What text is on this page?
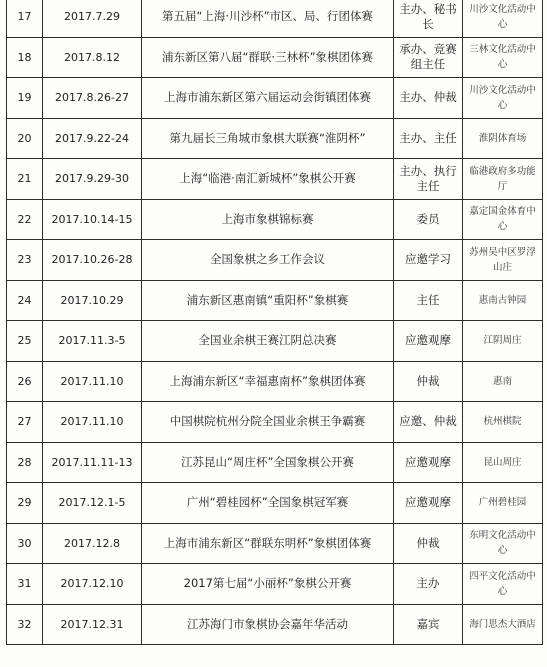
17	2017.7.29	第五届“上海·川沙杯”市区、局、行团体赛	主办、秘书长	川沙文化活动中心
18	2017.8.12	浦东新区第八届“群联·三林杯”象棋团体赛	承办、竞赛组主任	三林文化活动中心
19	2017.8.26-27	上海市浦东新区第六届运动会街镇团体赛	主办、仲裁	川沙文化活动中心
20	2017.9.22-24	第九届长三角城市象棋大联赛“淮阴杯”	主办、主任	淮阴体育场
21	2017.9.29-30	上海“临港·南汇新城杯”象棋公开赛	主办、执行主任	临港政府多功能厅
22	2017.10.14-15	上海市象棋锦标赛	委员	嘉定国金体育中心
23	2017.10.26-28	全国象棋之乡工作会议	应邀学习	苏州吴中区罗浮山庄
24	2017.10.29	浦东新区惠南镇“重阳杯”象棋赛	主任	惠南古钟园
25	2017.11.3-5	全国业余棋王赛江阴总决赛	应邀观摩	江阴周庄
26	2017.11.10	上海浦东新区“幸福惠南杯”象棋团体赛	仲裁	惠南
27	2017.11.10	中国棋院杭州分院全国业余棋王争霸赛	应邀、仲裁	杭州棋院
28	2017.11.11-13	江苏昆山“周庄杯”全国象棋公开赛	应邀观摩	昆山周庄
29	2017.12.1-5	广州“碧桂园杯”全国象棋冠军赛	应邀观摩	广州碧桂园
30	2017.12.8	上海市浦东新区“群联东明杯”象棋团体赛	仲裁	东明文化活动中心
31	2017.12.10	2017第七届“小丽杯”象棋公开赛	主办	四平文化活动中心
32	2017.12.31	江苏海门市象棋协会嘉年华活动	嘉宾	海门思杰大酒店
